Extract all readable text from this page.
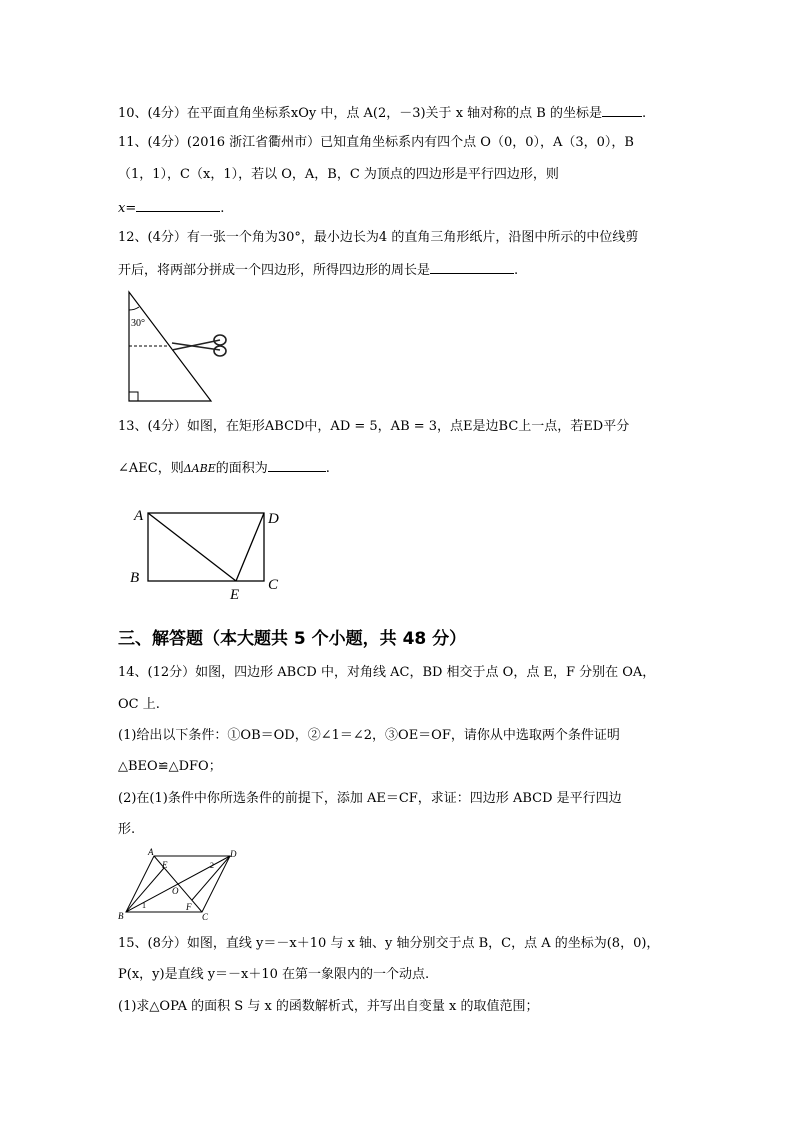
10、(4分）在平面直角坐标系xOy 中，点 A(2，－3)关于 x 轴对称的点 B 的坐标是	.
11、(4分）(2016 浙江省衢州市）已知直角坐标系内有四个点 O（0，0），A（3，0），B
（1，1），C（x，1），若以 O，A，B，C 为顶点的四边形是平行四边形，则
x=	.
12、(4分）有一张一个角为30°，最小边长为4 的直角三角形纸片，沿图中所示的中位线剪
开后，将两部分拼成一个四边形，所得四边形的周长是	.
30°
13、(4分）如图，在矩形ABCD中，AD = 5，AB = 3，点E是边BC上一点，若ED平分
∠AEC，则ΔABE的面积为	.
A	D
B	C
E
三、解答题（本大题共 5 个小题，共 48 分）
14、(12分）如图，四边形 ABCD 中，对角线 AC，BD 相交于点 O，点 E，F 分别在 OA，
OC 上.
(1)给出以下条件：①OB＝OD，②∠1＝∠2，③OE＝OF，请你从中选取两个条件证明
△BEO≌△DFO；
(2)在(1)条件中你所选条件的前提下，添加 AE＝CF，求证：四边形 ABCD 是平行四边
形.
A	D
B	C
E
F
O
1
2
15、(8分）如图，直线 y＝－x＋10 与 x 轴、y 轴分别交于点 B，C，点 A 的坐标为(8，0)，
P(x，y)是直线 y＝－x＋10 在第一象限内的一个动点.
(1)求△OPA 的面积 S 与 x 的函数解析式，并写出自变量 x 的取值范围；
